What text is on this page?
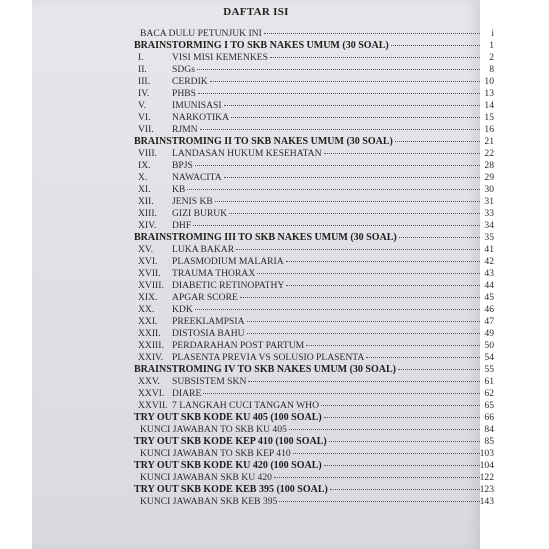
DAFTAR ISI
BACA DULU PETUNJUK INI	i
BRAINSTORMING I TO SKB NAKES UMUM (30 SOAL)	1
I.	VISI MISI KEMENKES	2
II.	SDGs	8
III. CERDIK	10
IV. PHBS	13
V.	IMUNISASI	14
VI. NARKOTIKA	15
VII. RJMN	16
BRAINSTROMING II TO SKB NAKES UMUM (30 SOAL)	21
VIII. LANDASAN HUKUM KESEHATAN	22
IX. BPJS	28
X.	NAWACITA	29
XI. KB	30
XII. JENIS KB	31
XIII. GIZI BURUK	33
XIV. DHF	34
BRAINSTROMING III TO SKB NAKES UMUM (30 SOAL)	35
XV. LUKA BAKAR	41
XVI. PLASMODIUM MALARIA	42
XVII. TRAUMA THORAX	43
XVIII. DIABETIC RETINOPATHY	44
XIX. APGAR SCORE	45
XX. KDK	46
XXI. PREEKLAMPSIA	47
XXII. DISTOSIA BAHU	49
XXIII. PERDARAHAN POST PARTUM	50
XXIV. PLASENTA PREVIA VS SOLUSIO PLASENTA	54
BRAINSTROMING IV TO SKB NAKES UMUM (30 SOAL)	55
XXV. SUBSISTEM SKN	61
XXVI. DIARE	62
XXVII. 7 LANGKAH CUCI TANGAN WHO	65
TRY OUT SKB KODE KU 405 (100 SOAL)	66
KUNCI JAWABAN TO SKB KU 405	84
TRY OUT SKB KODE KEP 410 (100 SOAL)	85
KUNCI JAWABAN TO SKB KEP 410	103
TRY OUT SKB KODE KU 420 (100 SOAL)	104
KUNCI JAWABAN SKB KU 420	122
TRY OUT SKB KODE KEB 395 (100 SOAL)	123
KUNCI JAWABAN SKB KEB 395	143
